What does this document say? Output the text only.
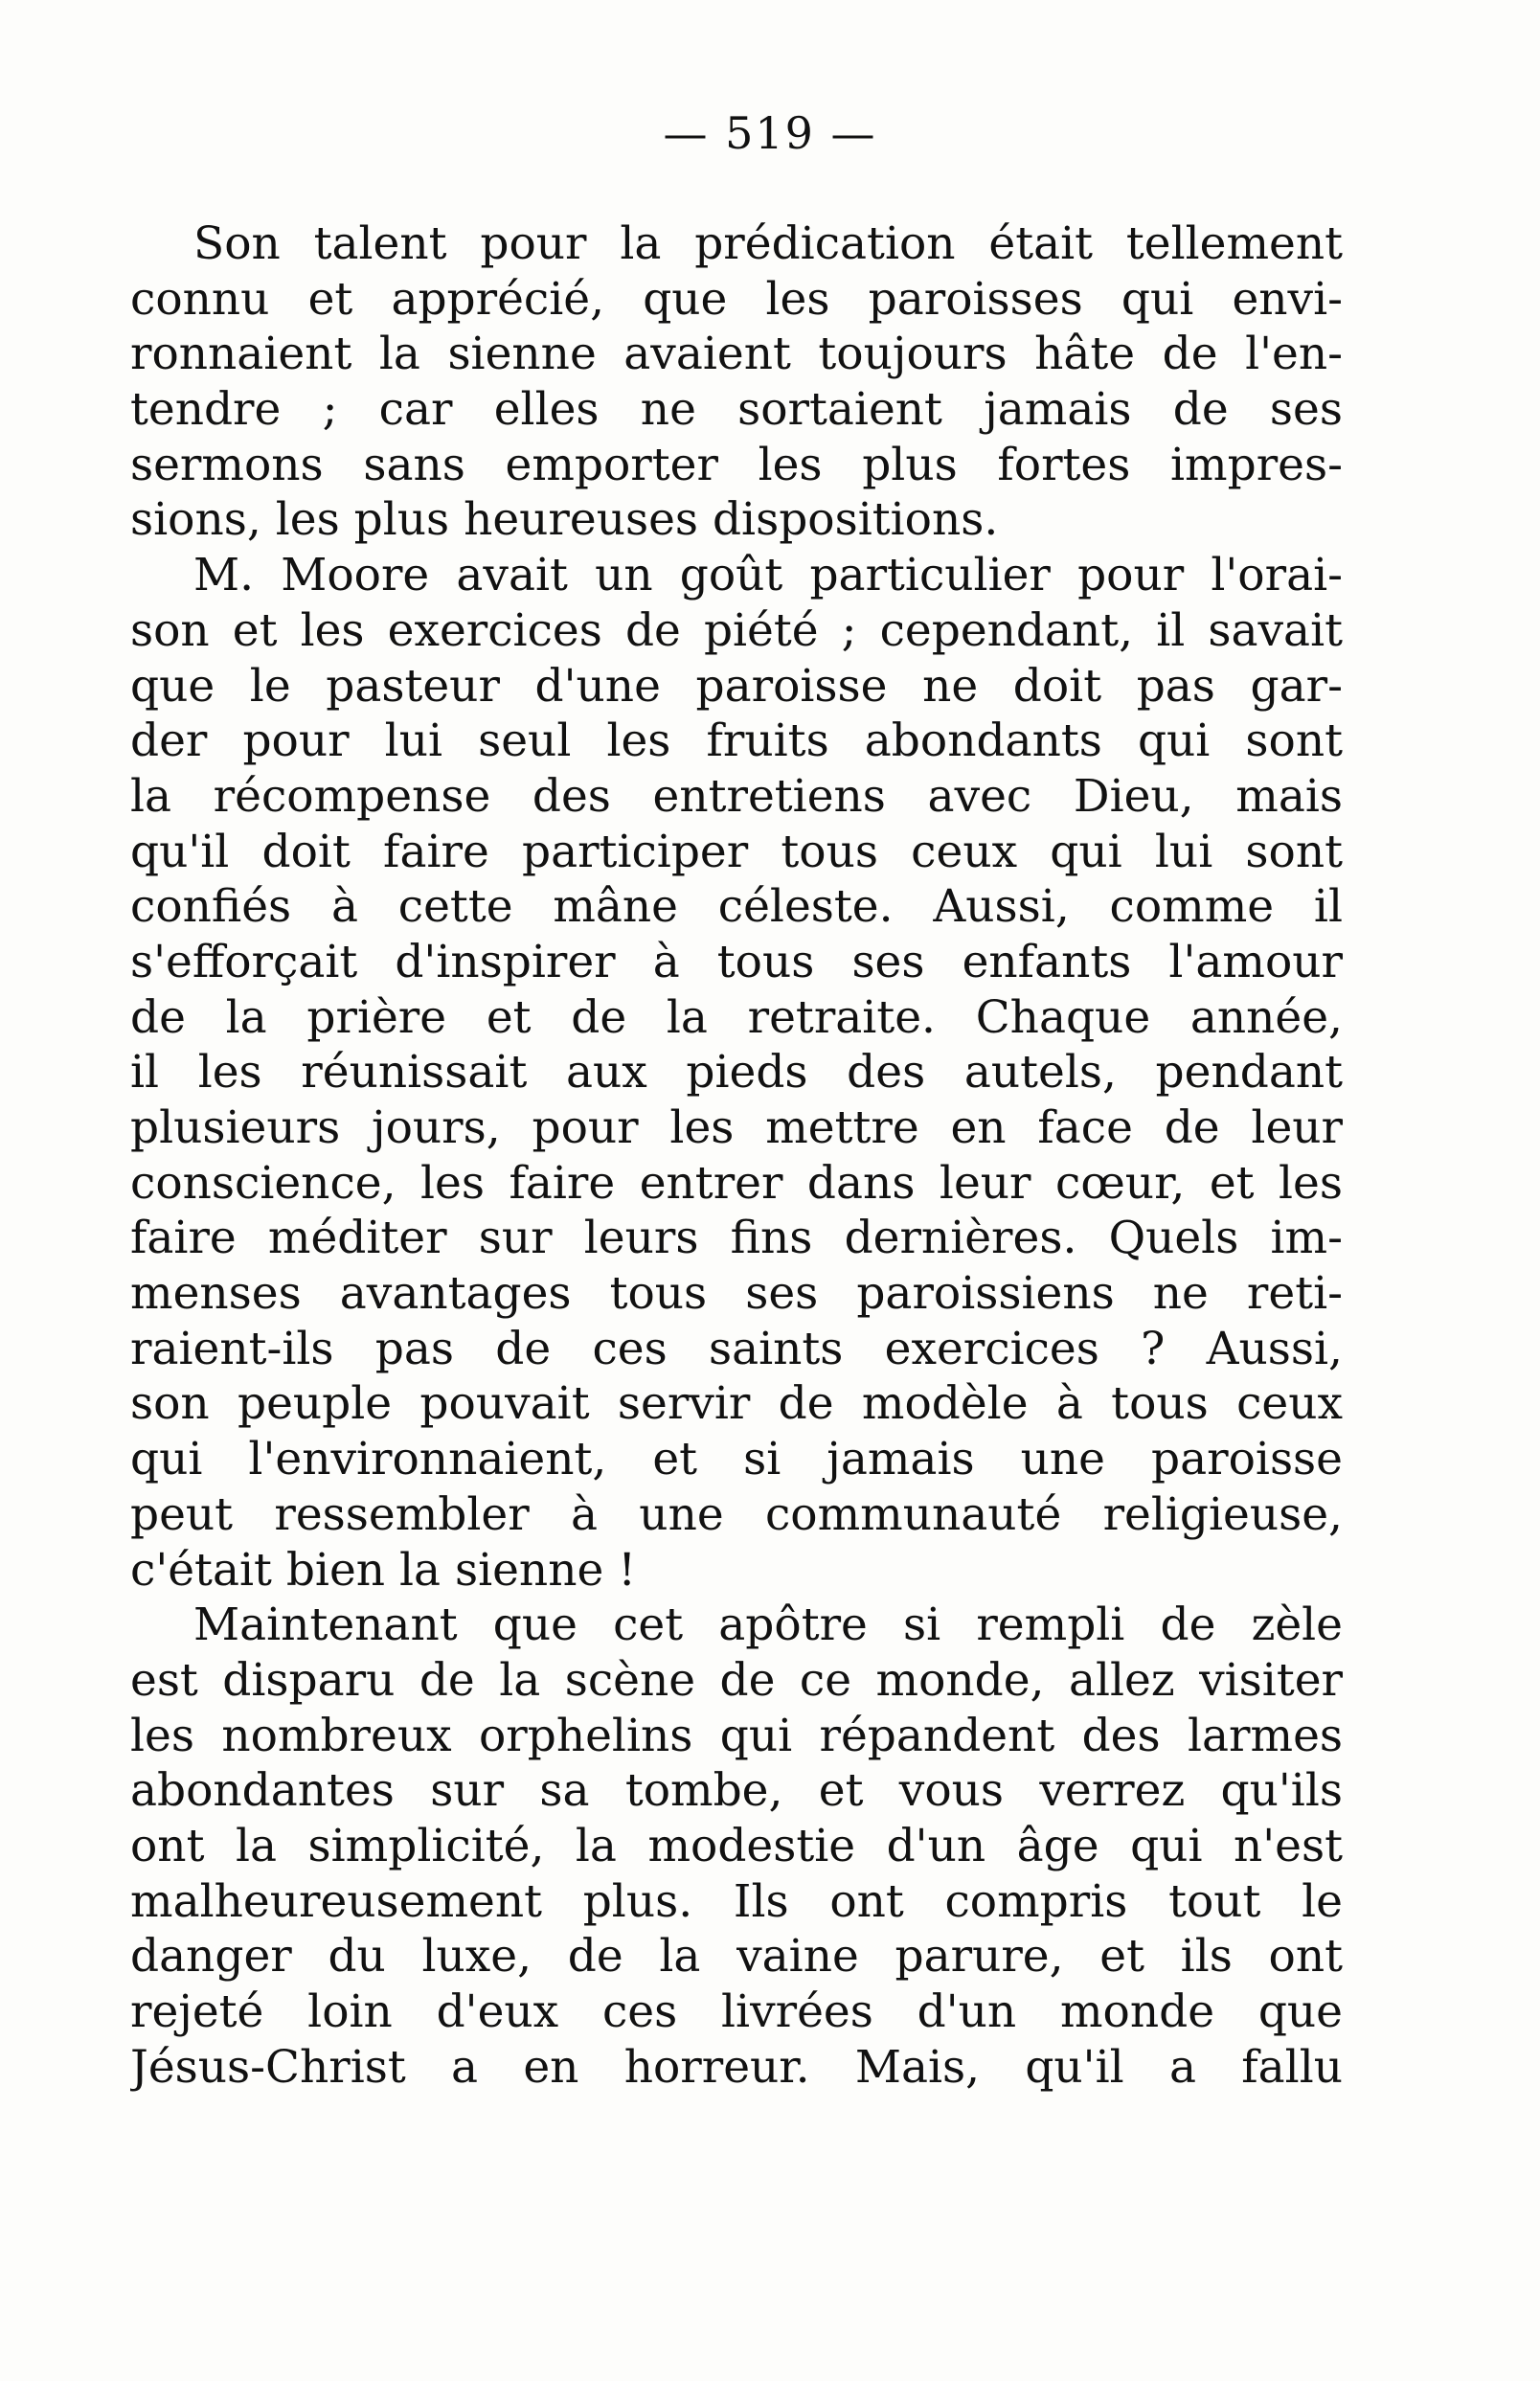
— 519 —

Son talent pour la prédication était tellement
connu et apprécié, que les paroisses qui envi-
ronnaient la sienne avaient toujours hâte de l'en-
tendre ; car elles ne sortaient jamais de ses
sermons sans emporter les plus fortes impres-
sions, les plus heureuses dispositions.

M. Moore avait un goût particulier pour l'orai-
son et les exercices de piété ; cependant, il savait
que le pasteur d'une paroisse ne doit pas gar-
der pour lui seul les fruits abondants qui sont
la récompense des entretiens avec Dieu, mais
qu'il doit faire participer tous ceux qui lui sont
confiés à cette mâne céleste. Aussi, comme il
s'efforçait d'inspirer à tous ses enfants l'amour
de la prière et de la retraite. Chaque année,
il les réunissait aux pieds des autels, pendant
plusieurs jours, pour les mettre en face de leur
conscience, les faire entrer dans leur cœur, et les
faire méditer sur leurs fins dernières. Quels im-
menses avantages tous ses paroissiens ne reti-
raient-ils pas de ces saints exercices ? Aussi,
son peuple pouvait servir de modèle à tous ceux
qui l'environnaient, et si jamais une paroisse
peut ressembler à une communauté religieuse,
c'était bien la sienne !

Maintenant que cet apôtre si rempli de zèle
est disparu de la scène de ce monde, allez visiter
les nombreux orphelins qui répandent des larmes
abondantes sur sa tombe, et vous verrez qu'ils
ont la simplicité, la modestie d'un âge qui n'est
malheureusement plus. Ils ont compris tout le
danger du luxe, de la vaine parure, et ils ont
rejeté loin d'eux ces livrées d'un monde que
Jésus-Christ a en horreur. Mais, qu'il a fallu
